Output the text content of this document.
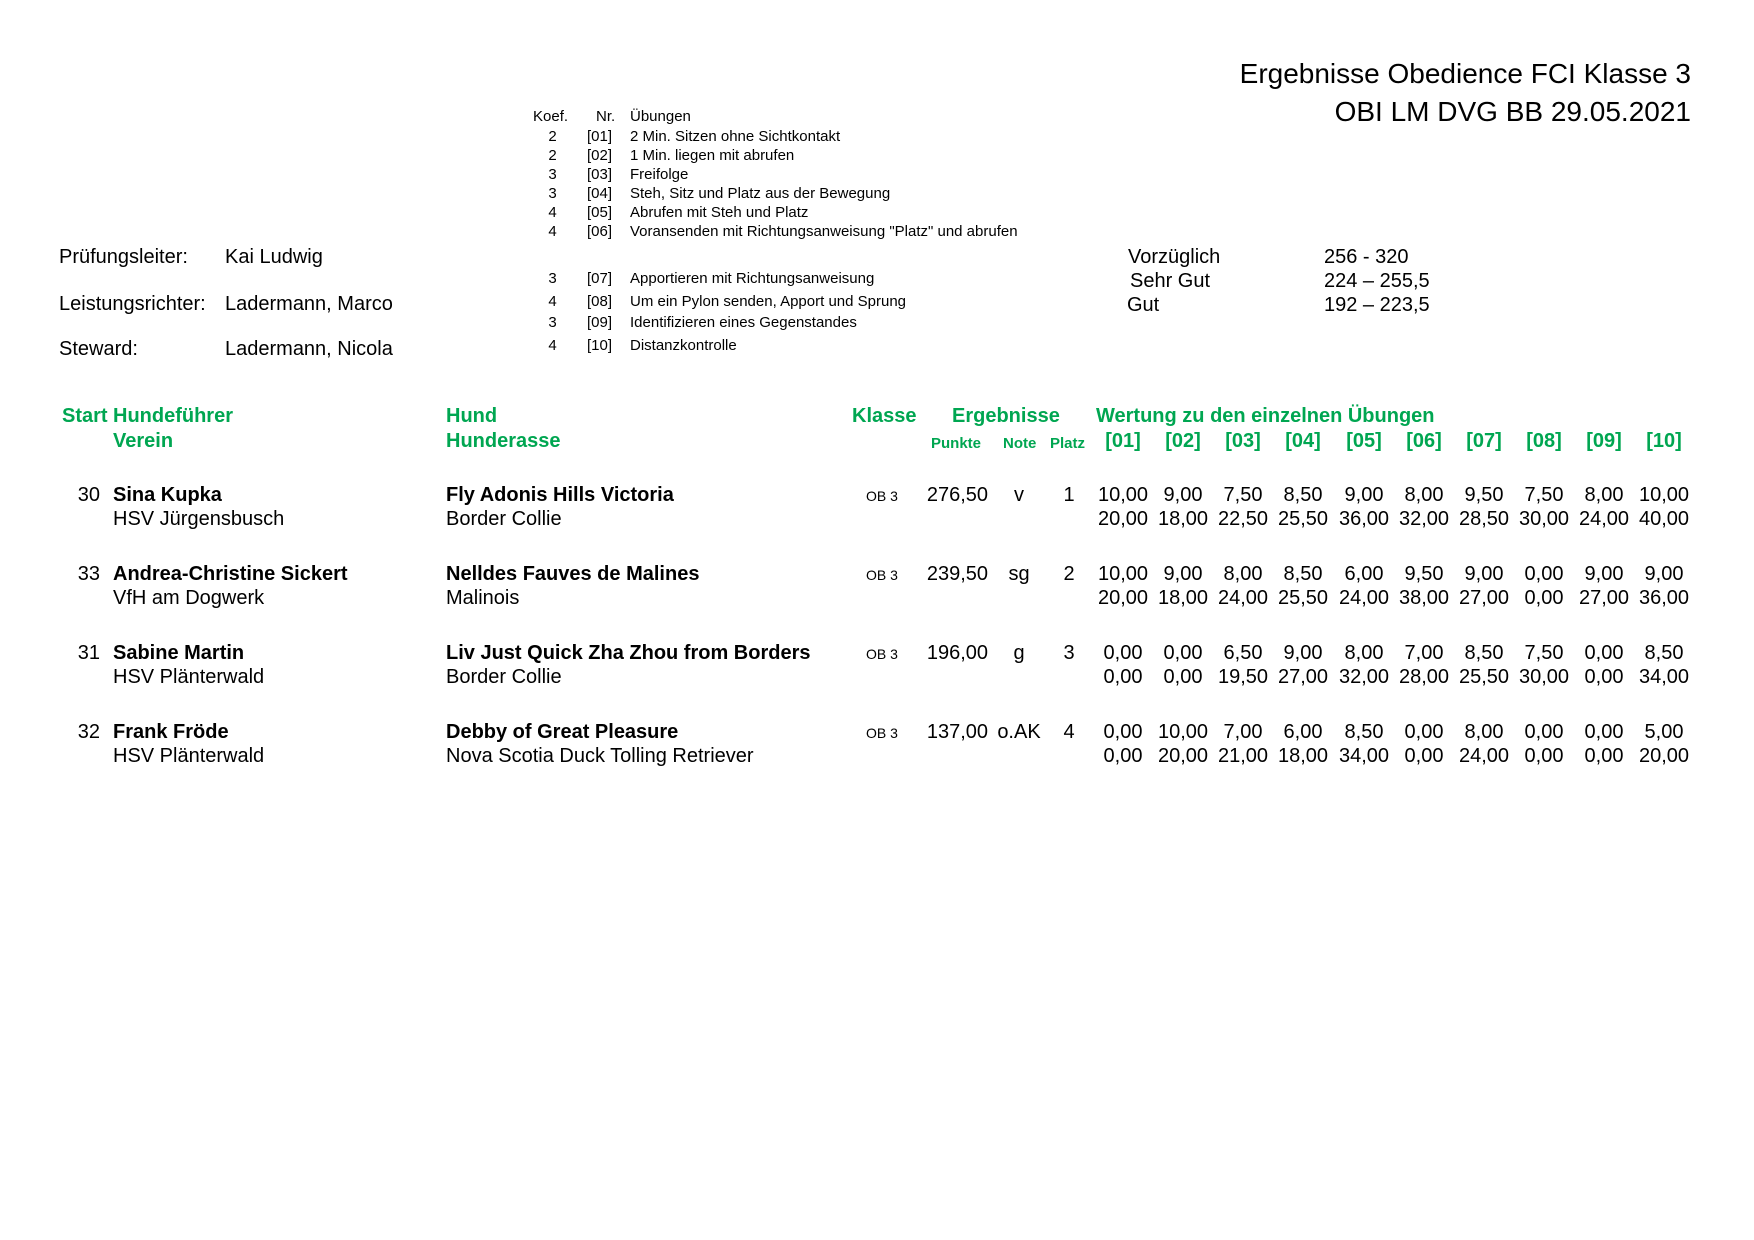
Ergebnisse Obedience FCI Klasse 3
OBI LM DVG BB 29.05.2021
Koef. Nr. Übungen
2	[01] 2 Min. Sitzen ohne Sichtkontakt
2	[02] 1 Min. liegen mit abrufen
3	[03] Freifolge
3	[04] Steh, Sitz und Platz aus der Bewegung
4	[05] Abrufen mit Steh und Platz
4	[06] Voransenden mit Richtungsanweisung "Platz" und abrufen
3	[07] Apportieren mit Richtungsanweisung
4	[08] Um ein Pylon senden, Apport und Sprung
3	[09] Identifizieren eines Gegenstandes
4	[10] Distanzkontrolle
Prüfungsleiter: Kai Ludwig
Leistungsrichter: Ladermann, Marco
Steward:	Ladermann, Nicola
Vorzüglich	256 - 320
Sehr Gut	224 – 255,5
Gut	192 – 223,5
Start Hundeführer
Verein
Hund
Hunderasse
Klasse Ergebnisse
Punkte Note Platz
Wertung zu den einzelnen Übungen
[01]	[02]	[03]	[04]	[05]	[06]	[07]	[08]	[09]	[10]
30 Sina Kupka
HSV Jürgensbusch
Fly Adonis Hills Victoria
Border Collie
OB 3	276,50	v	1	10,00 9,00	7,50	8,50	9,00	8,00	9,50	7,50	8,00 10,00
20,00 18,00 22,50 25,50 36,00 32,00 28,50 30,00 24,00 40,00
33 Andrea-Christine Sickert
VfH am Dogwerk
Nelldes Fauves de Malines
Malinois
OB 3	239,50	sg	2	10,00 9,00	8,00	8,50	6,00	9,50	9,00	0,00	9,00	9,00
20,00 18,00 24,00 25,50 24,00 38,00 27,00 0,00 27,00 36,00
31 Sabine Martin
HSV Plänterwald
Liv Just Quick Zha Zhou from Borders
Border Collie
OB 3	196,00	g	3	0,00	0,00	6,50	9,00	8,00	7,00	8,50	7,50	0,00	8,50
0,00	0,00 19,50 27,00 32,00 28,00 25,50 30,00 0,00 34,00
32 Frank Fröde
HSV Plänterwald
Debby of Great Pleasure
Nova Scotia Duck Tolling Retriever
OB 3	137,00 o.AK	4	0,00 10,00 7,00	6,00	8,50	0,00	8,00	0,00	0,00	5,00
0,00 20,00 21,00 18,00 34,00 0,00 24,00 0,00	0,00 20,00
